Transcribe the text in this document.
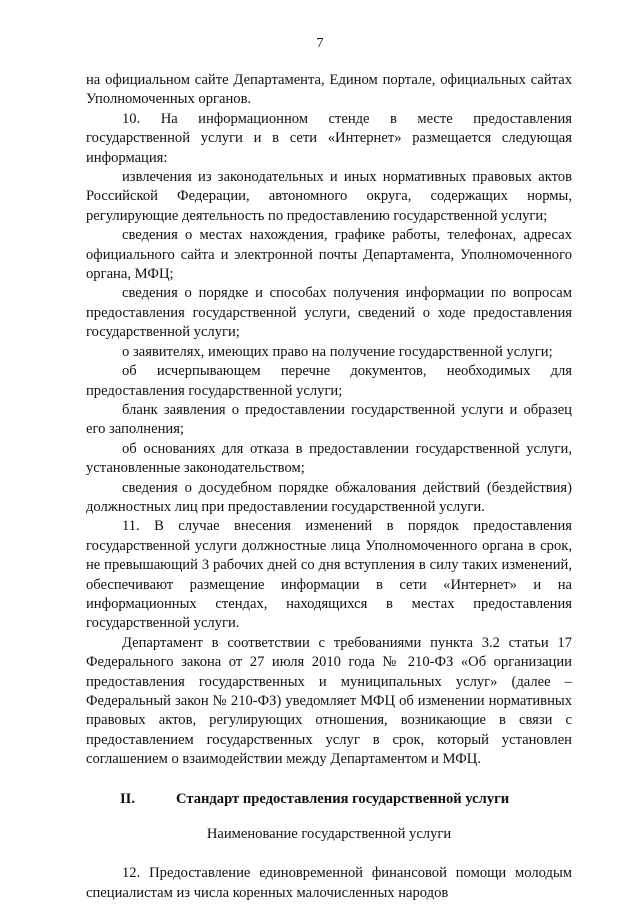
7

на официальном сайте Департамента, Едином портале, официальных сайтах Уполномоченных органов.

10. На информационном стенде в месте предоставления государственной услуги и в сети «Интернет» размещается следующая информация:

извлечения из законодательных и иных нормативных правовых актов Российской Федерации, автономного округа, содержащих нормы, регулирующие деятельность по предоставлению государственной услуги;

сведения о местах нахождения, графике работы, телефонах, адресах официального сайта и электронной почты Департамента, Уполномоченного органа, МФЦ;

сведения о порядке и способах получения информации по вопросам предоставления государственной услуги, сведений о ходе предоставления государственной услуги;

о заявителях, имеющих право на получение государственной услуги;

об исчерпывающем перечне документов, необходимых для предоставления государственной услуги;

бланк заявления о предоставлении государственной услуги и образец его заполнения;

об основаниях для отказа в предоставлении государственной услуги, установленные законодательством;

сведения о досудебном порядке обжалования действий (бездействия) должностных лиц при предоставлении государственной услуги.

11. В случае внесения изменений в порядок предоставления государственной услуги должностные лица Уполномоченного органа в срок, не превышающий 3 рабочих дней со дня вступления в силу таких изменений, обеспечивают размещение информации в сети «Интернет» и на информационных стендах, находящихся в местах предоставления государственной услуги.

Департамент в соответствии с требованиями пункта 3.2 статьи 17 Федерального закона от 27 июля 2010 года № 210-ФЗ «Об организации предоставления государственных и муниципальных услуг» (далее – Федеральный закон № 210-ФЗ) уведомляет МФЦ об изменении нормативных правовых актов, регулирующих отношения, возникающие в связи с предоставлением государственных услуг в срок, который установлен соглашением о взаимодействии между Департаментом и МФЦ.

II.	Стандарт предоставления государственной услуги
Наименование государственной услуги

12. Предоставление единовременной финансовой помощи молодым специалистам из числа коренных малочисленных народов
